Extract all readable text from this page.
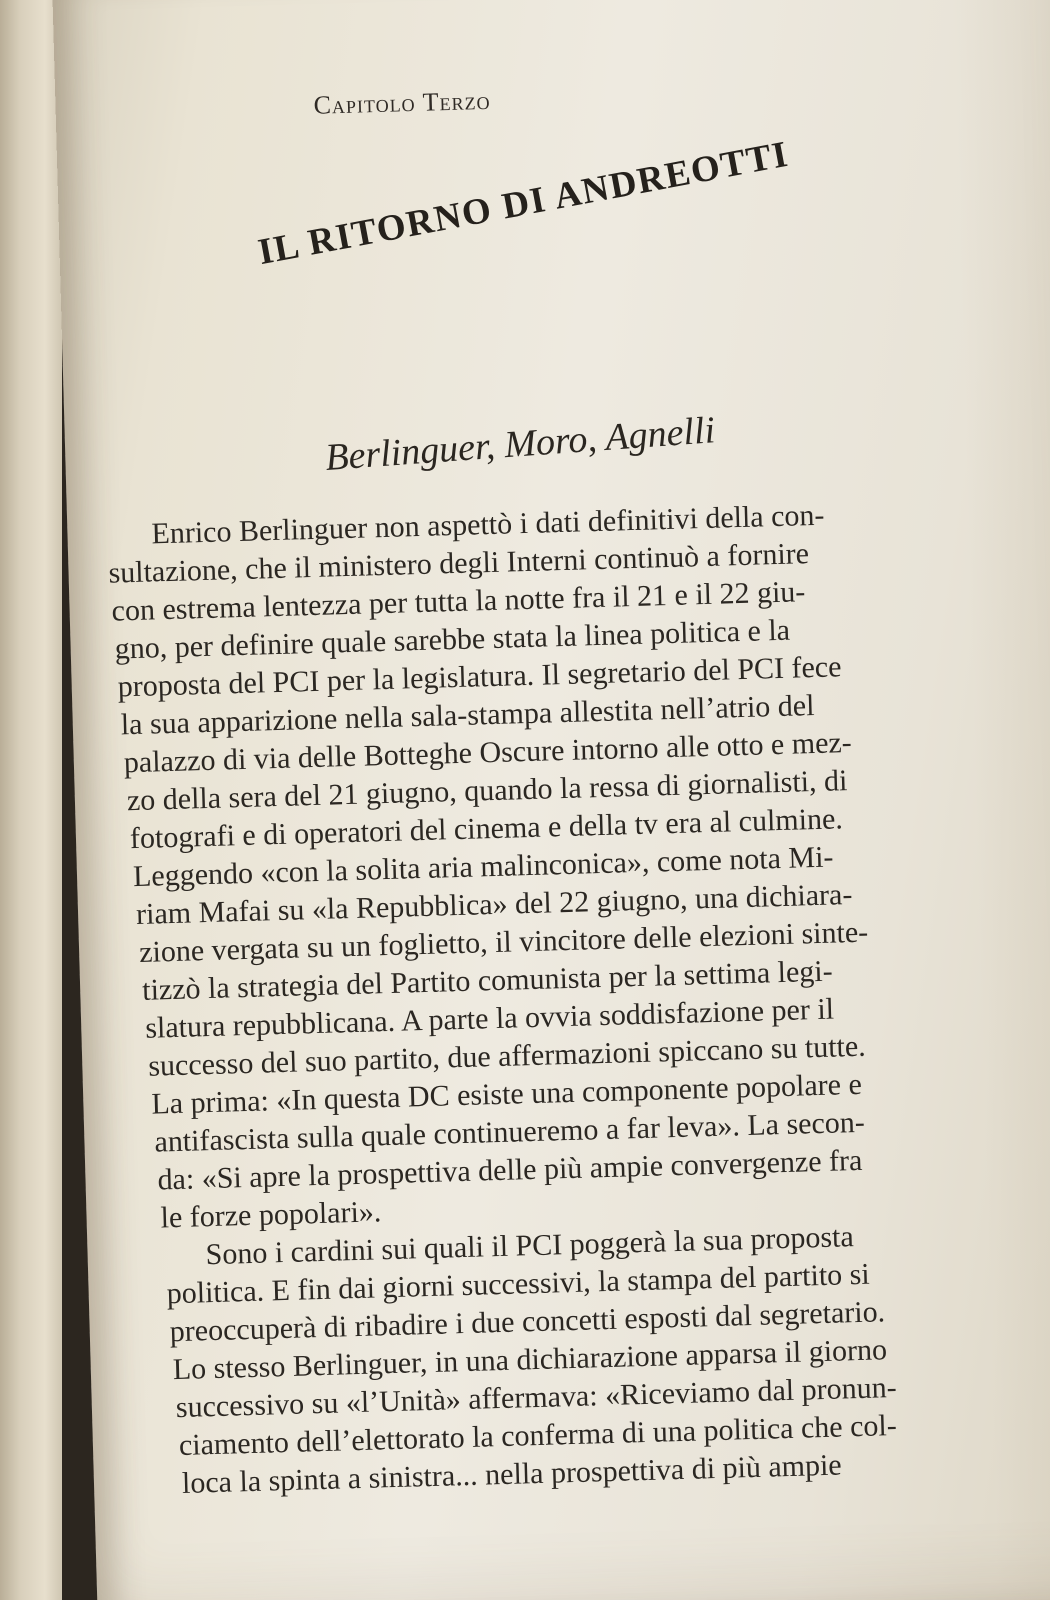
Capitolo Terzo
IL RITORNO DI ANDREOTTI
Berlinguer, Moro, Agnelli
Enrico Berlinguer non aspettò i dati definitivi della con-
sultazione, che il ministero degli Interni continuò a fornire
con estrema lentezza per tutta la notte fra il 21 e il 22 giu-
gno, per definire quale sarebbe stata la linea politica e la
proposta del PCI per la legislatura. Il segretario del PCI fece
la sua apparizione nella sala-stampa allestita nell’atrio del
palazzo di via delle Botteghe Oscure intorno alle otto e mez-
zo della sera del 21 giugno, quando la ressa di giornalisti, di
fotografi e di operatori del cinema e della tv era al culmine.
Leggendo «con la solita aria malinconica», come nota Mi-
riam Mafai su «la Repubblica» del 22 giugno, una dichiara-
zione vergata su un foglietto, il vincitore delle elezioni sinte-
tizzò la strategia del Partito comunista per la settima legi-
slatura repubblicana. A parte la ovvia soddisfazione per il
successo del suo partito, due affermazioni spiccano su tutte.
La prima: «In questa DC esiste una componente popolare e
antifascista sulla quale continueremo a far leva». La secon-
da: «Si apre la prospettiva delle più ampie convergenze fra
le forze popolari».
Sono i cardini sui quali il PCI poggerà la sua proposta
politica. E fin dai giorni successivi, la stampa del partito si
preoccuperà di ribadire i due concetti esposti dal segretario.
Lo stesso Berlinguer, in una dichiarazione apparsa il giorno
successivo su «l’Unità» affermava: «Riceviamo dal pronun-
ciamento dell’elettorato la conferma di una politica che col-
loca la spinta a sinistra... nella prospettiva di più ampie
